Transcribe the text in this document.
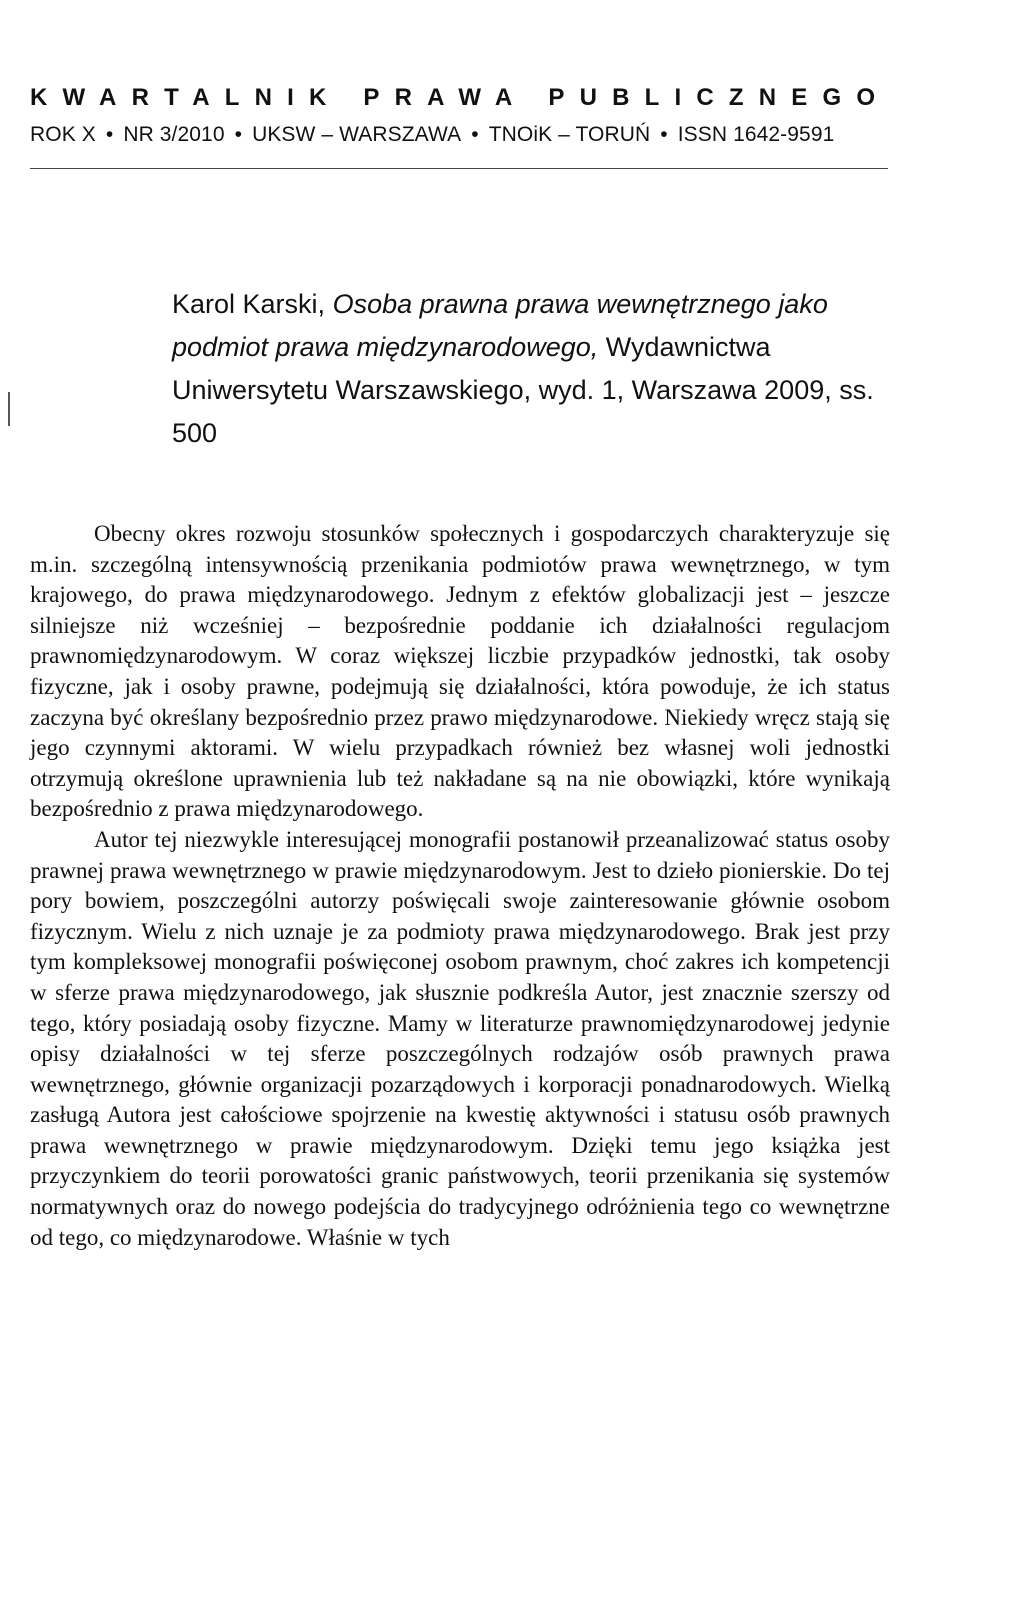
KWARTALNIK PRAWA PUBLICZNEGO
ROK X • NR 3/2010 • UKSW – WARSZAWA • TNOiK – TORUŃ • ISSN 1642-9591

Karol Karski, Osoba prawna prawa wewnętrznego jako podmiot prawa międzynarodowego, Wydawnictwa Uniwersytetu Warszawskiego, wyd. 1, Warszawa 2009, ss. 500

Obecny okres rozwoju stosunków społecznych i gospodarczych charakteryzuje się m.in. szczególną intensywnością przenikania podmiotów prawa wewnętrznego, w tym krajowego, do prawa międzynarodowego. Jednym z efektów globalizacji jest – jeszcze silniejsze niż wcześniej – bezpośrednie poddanie ich działalności regulacjom prawnomiędzynarodowym. W coraz większej liczbie przypadków jednostki, tak osoby fizyczne, jak i osoby prawne, podejmują się działalności, która powoduje, że ich status zaczyna być określany bezpośrednio przez prawo międzynarodowe. Niekiedy wręcz stają się jego czynnymi aktorami. W wielu przypadkach również bez własnej woli jednostki otrzymują określone uprawnienia lub też nakładane są na nie obowiązki, które wynikają bezpośrednio z prawa międzynarodowego.

Autor tej niezwykle interesującej monografii postanowił przeanalizować status osoby prawnej prawa wewnętrznego w prawie międzynarodowym. Jest to dzieło pionierskie. Do tej pory bowiem, poszczególni autorzy poświęcali swoje zainteresowanie głównie osobom fizycznym. Wielu z nich uznaje je za podmioty prawa międzynarodowego. Brak jest przy tym kompleksowej monografii poświęconej osobom prawnym, choć zakres ich kompetencji w sferze prawa międzynarodowego, jak słusznie podkreśla Autor, jest znacznie szerszy od tego, który posiadają osoby fizyczne. Mamy w literaturze prawnomiędzynarodowej jedynie opisy działalności w tej sferze poszczególnych rodzajów osób prawnych prawa wewnętrznego, głównie organizacji pozarządowych i korporacji ponadnarodowych. Wielką zasługą Autora jest całościowe spojrzenie na kwestię aktywności i statusu osób prawnych prawa wewnętrznego w prawie międzynarodowym. Dzięki temu jego książka jest przyczynkiem do teorii porowatości granic państwowych, teorii przenikania się systemów normatywnych oraz do nowego podejścia do tradycyjnego odróżnienia tego co wewnętrzne od tego, co międzynarodowe. Właśnie w tych
